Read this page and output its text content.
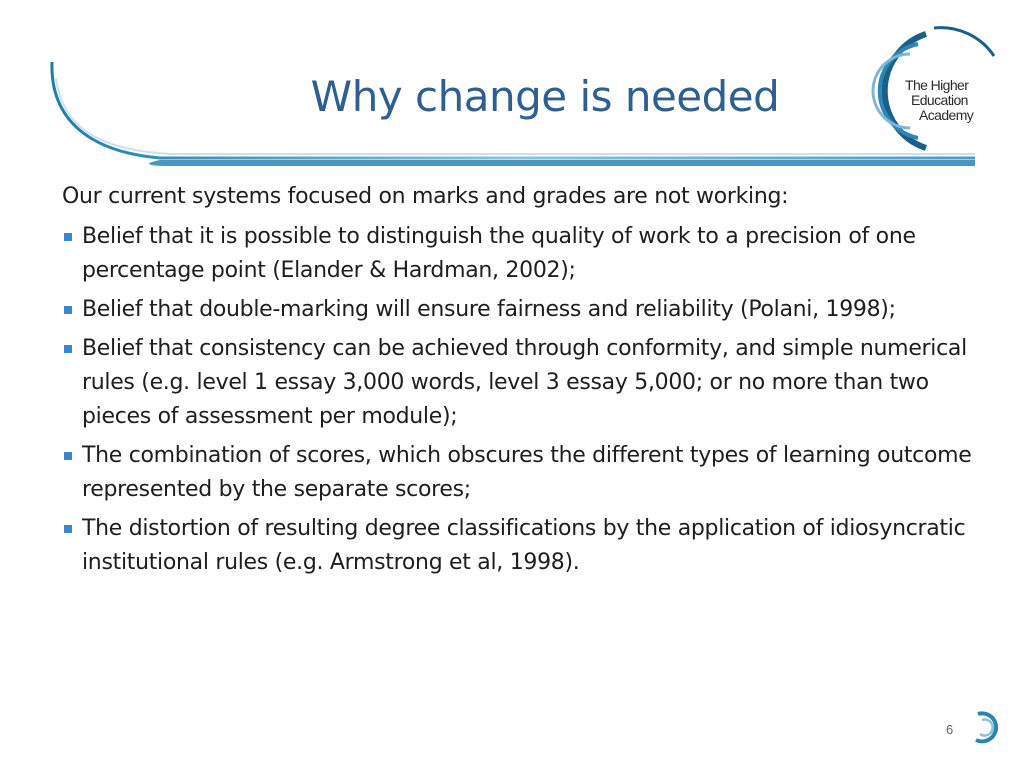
Why change is needed	The Higher
Education
Academy

Our current systems focused on marks and grades are not working:

Belief that it is possible to distinguish the quality of work to a precision of one percentage point (Elander & Hardman, 2002);
Belief that double-marking will ensure fairness and reliability (Polani, 1998);
Belief that consistency can be achieved through conformity, and simple numerical rules (e.g. level 1 essay 3,000 words, level 3 essay 5,000; or no more than two pieces of assessment per module);
The combination of scores, which obscures the different types of learning outcome represented by the separate scores;
The distortion of resulting degree classifications by the application of idiosyncratic institutional rules (e.g. Armstrong et al, 1998).
6
